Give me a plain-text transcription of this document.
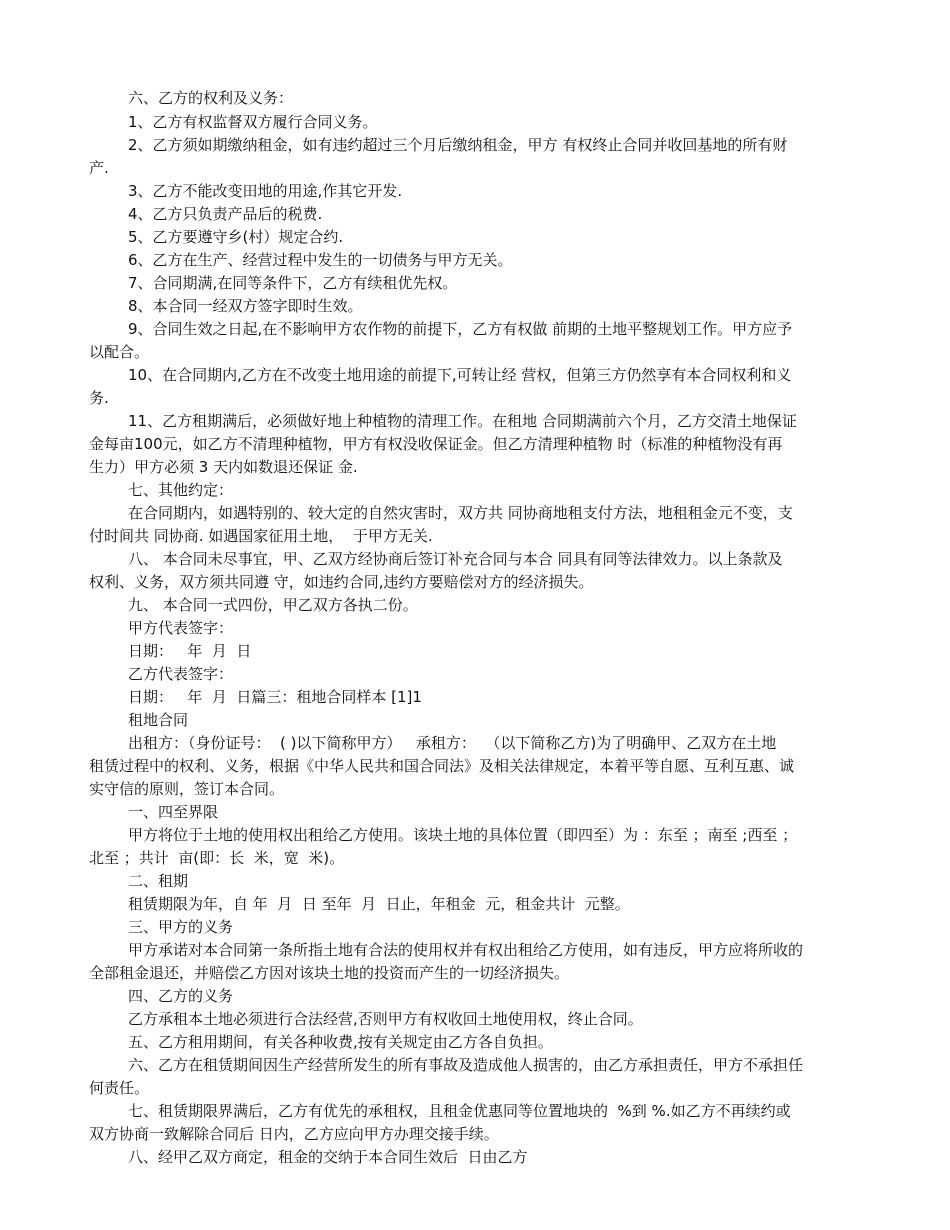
六、乙方的权利及义务：
1、乙方有权监督双方履行合同义务。
2、乙方须如期缴纳租金，如有违约超过三个月后缴纳租金，甲方 有权终止合同并收回基地的所有财
产.
3、乙方不能改变田地的用途,作其它开发.
4、乙方只负责产品后的税费.
5、乙方要遵守乡(村）规定合约.
6、乙方在生产、经营过程中发生的一切债务与甲方无关。
7、合同期满,在同等条件下，乙方有续租优先权。
8、本合同一经双方签字即时生效。
9、合同生效之日起,在不影响甲方农作物的前提下，乙方有权做 前期的土地平整规划工作。甲方应予
以配合。
10、在合同期内,乙方在不改变土地用途的前提下,可转让经 营权，但第三方仍然享有本合同权利和义
务.
11、乙方租期满后，必须做好地上种植物的清理工作。在租地 合同期满前六个月，乙方交清土地保证
金每亩100元，如乙方不清理种植物，甲方有权没收保证金。但乙方清理种植物 时（标准的种植物没有再
生力）甲方必须 3 天内如数退还保证 金.
七、其他约定：
在合同期内，如遇特别的、较大定的自然灾害时，双方共 同协商地租支付方法，地租租金元不变，支
付时间共 同协商. 如遇国家征用土地，  于甲方无关.
八、 本合同未尽事宜，甲、乙双方经协商后签订补充合同与本合 同具有同等法律效力。以上条款及
权利、义务，双方须共同遵 守，如违约合同,违约方要赔偿对方的经济损失。
九、 本合同一式四份，甲乙双方各执二份。
甲方代表签字：
日期：   年  月  日
乙方代表签字：
日期：   年  月  日篇三：租地合同样本 [1]1
租地合同
出租方：（身份证号：  ( )以下简称甲方）   承租方：  （以下简称乙方)为了明确甲、乙双方在土地
租赁过程中的权利、义务，根据《中华人民共和国合同法》及相关法律规定，本着平等自愿、互利互惠、诚
实守信的原则，签订本合同。
一、四至界限
甲方将位于土地的使用权出租给乙方使用。该块土地的具体位置（即四至）为 ：东至 ；南至 ;西至 ；
北至 ；共计  亩(即：长  米，宽  米)。
二、租期
租赁期限为年，自 年  月  日 至年  月  日止，年租金  元，租金共计  元整。
三、甲方的义务
甲方承诺对本合同第一条所指土地有合法的使用权并有权出租给乙方使用，如有违反，甲方应将所收的
全部租金退还，并赔偿乙方因对该块土地的投资而产生的一切经济损失。
四、乙方的义务
乙方承租本土地必须进行合法经营,否则甲方有权收回土地使用权，终止合同。
五、乙方租用期间，有关各种收费,按有关规定由乙方各自负担。
六、乙方在租赁期间因生产经营所发生的所有事故及造成他人损害的，由乙方承担责任，甲方不承担任
何责任。
七、租赁期限界满后，乙方有优先的承租权，且租金优惠同等位置地块的  %到 %.如乙方不再续约或
双方协商一致解除合同后 日内，乙方应向甲方办理交接手续。
八、经甲乙双方商定，租金的交纳于本合同生效后  日由乙方
